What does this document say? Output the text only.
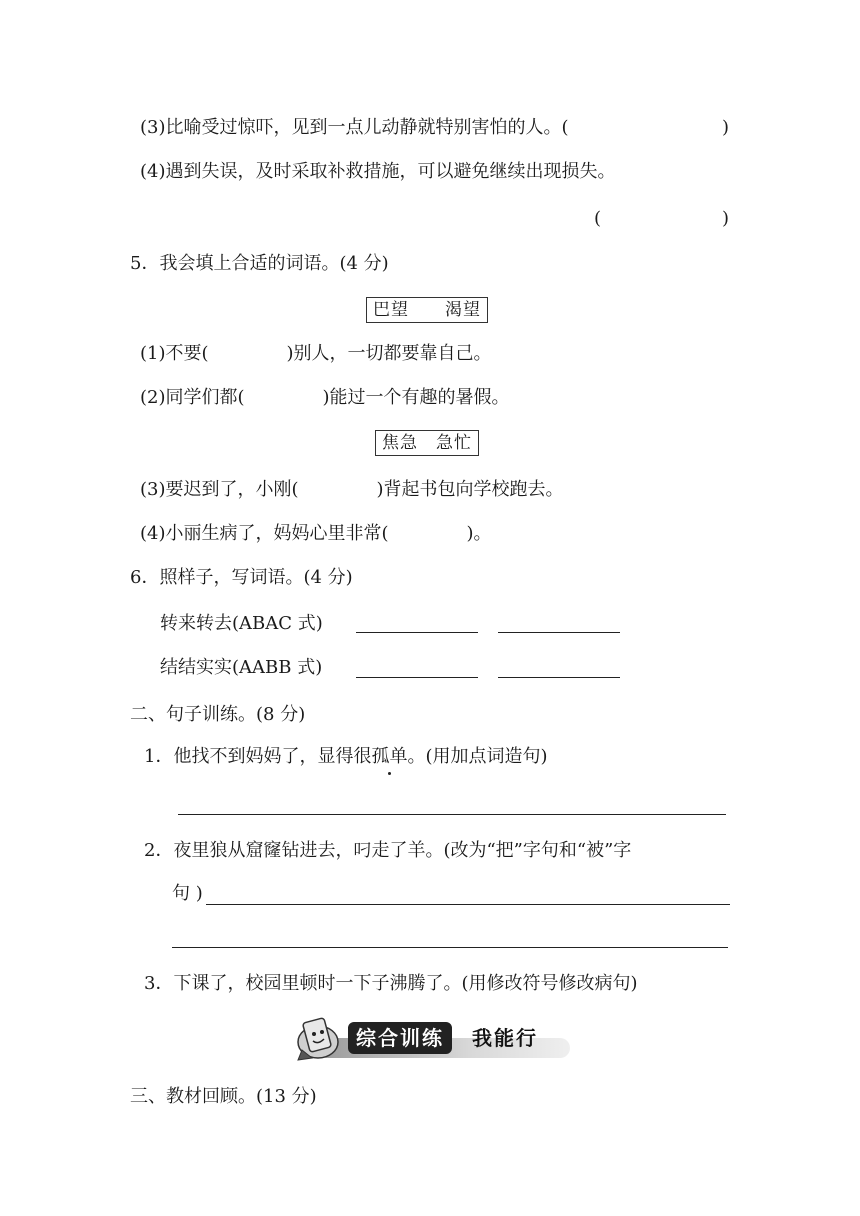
(3)比喻受过惊吓，见到一点儿动静就特别害怕的人。(	)
(4)遇到失误，及时采取补救措施，可以避免继续出现损失。
(	)
5．我会填上合适的词语。(4 分)
巴望　　渴望
(1)不要(	)别人，一切都要靠自己。
(2)同学们都(	)能过一个有趣的暑假。
焦急　急忙
(3)要迟到了，小刚(	)背起书包向学校跑去。
(4)小丽生病了，妈妈心里非常(	)。
6．照样子，写词语。(4 分)
转来转去(ABAC 式)
结结实实(AABB 式)
二、句子训练。(8 分)
1．他找不到妈妈了，显得很孤单。(用加点词造句)
2．夜里狼从窟窿钻进去，叼走了羊。(改为“把”字句和“被”字
句 )
3．下课了，校园里顿时一下子沸腾了。(用修改符号修改病句)
综合训练	我能行
三、教材回顾。(13 分)
